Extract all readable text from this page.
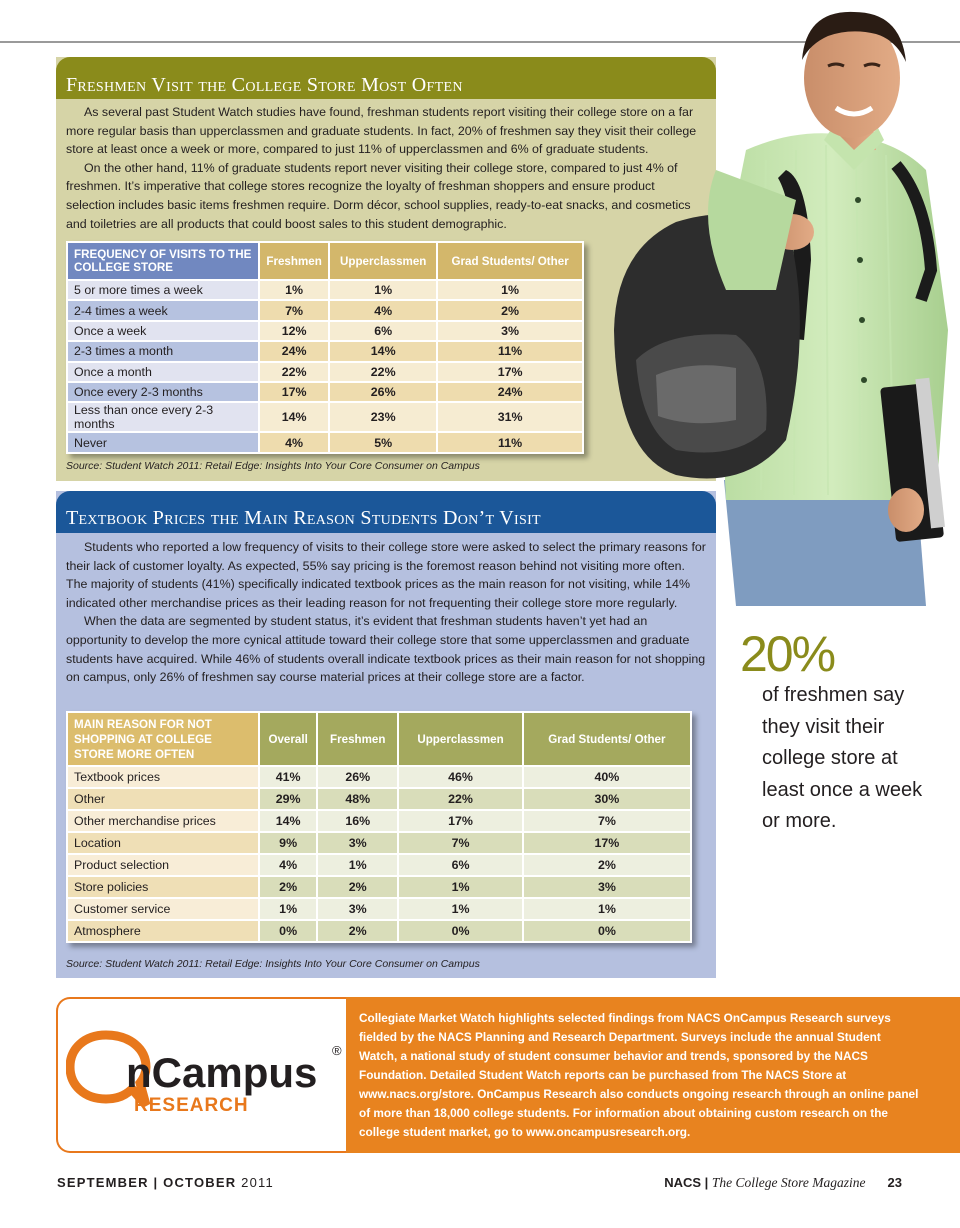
Freshmen Visit the College Store Most Often

As several past Student Watch studies have found, freshman students report visiting their college store on a far more regular basis than upperclassmen and graduate students. In fact, 20% of freshmen say they visit their college store at least once a week or more, compared to just 11% of upperclassmen and 6% of graduate students.

On the other hand, 11% of graduate students report never visiting their college store, compared to just 4% of freshmen. It’s imperative that college stores recognize the loyalty of freshman shoppers and ensure product selection includes basic items freshmen require. Dorm décor, school supplies, ready-to-eat snacks, and cosmetics and toiletries are all products that could boost sales to this student demographic.

FREQUENCY OF VISITS TO THE COLLEGE STORE	Freshmen	Upperclassmen	Grad Students/ Other
5 or more times a week	1%	1%	1%
2-4 times a week	7%	4%	2%
Once a week	12%	6%	3%
2-3 times a month	24%	14%	11%
Once a month	22%	22%	17%
Once every 2-3 months	17%	26%	24%
Less than once every 2-3 months	14%	23%	31%
Never	4%	5%	11%
Source: Student Watch 2011: Retail Edge: Insights Into Your Core Consumer on Campus
Textbook Prices the Main Reason Students Don’t Visit

Students who reported a low frequency of visits to their college store were asked to select the primary reasons for their lack of customer loyalty. As expected, 55% say pricing is the foremost reason behind not visiting more often. The majority of students (41%) specifically indicated textbook prices as the main reason for not visiting, while 14% indicated other merchandise prices as their leading reason for not frequenting their college store more regularly.

When the data are segmented by student status, it’s evident that freshman students haven’t yet had an opportunity to develop the more cynical attitude toward their college store that some upperclassmen and graduate students have acquired. While 46% of students overall indicate textbook prices as their main reason for not shopping on campus, only 26% of freshmen say course material prices at their college store are a factor.

MAIN REASON FOR NOT SHOPPING AT COLLEGE STORE MORE OFTEN	Overall	Freshmen	Upperclassmen	Grad Students/ Other
Textbook prices	41%	26%	46%	40%
Other	29%	48%	22%	30%
Other merchandise prices	14%	16%	17%	7%
Location	9%	3%	7%	17%
Product selection	4%	1%	6%	2%
Store policies	2%	2%	1%	3%
Customer service	1%	3%	1%	1%
Atmosphere	0%	2%	0%	0%
Source: Student Watch 2011: Retail Edge: Insights Into Your Core Consumer on Campus
20%
of freshmen say they visit their college store at least once a week or more.
nCampus ®
RESEARCH
Collegiate Market Watch highlights selected findings from NACS OnCampus Research surveys fielded by the NACS Planning and Research Department. Surveys include the annual Student Watch, a national study of student consumer behavior and trends, sponsored by the NACS Foundation. Detailed Student Watch reports can be purchased from The NACS Store at www.nacs.org/store. OnCampus Research also conducts ongoing research through an online panel of more than 18,000 college students. For information about obtaining custom research on the college student market, go to www.oncampusresearch.org.
SEPTEMBER | OCTOBER 2011	NACS | The College Store Magazine 23
